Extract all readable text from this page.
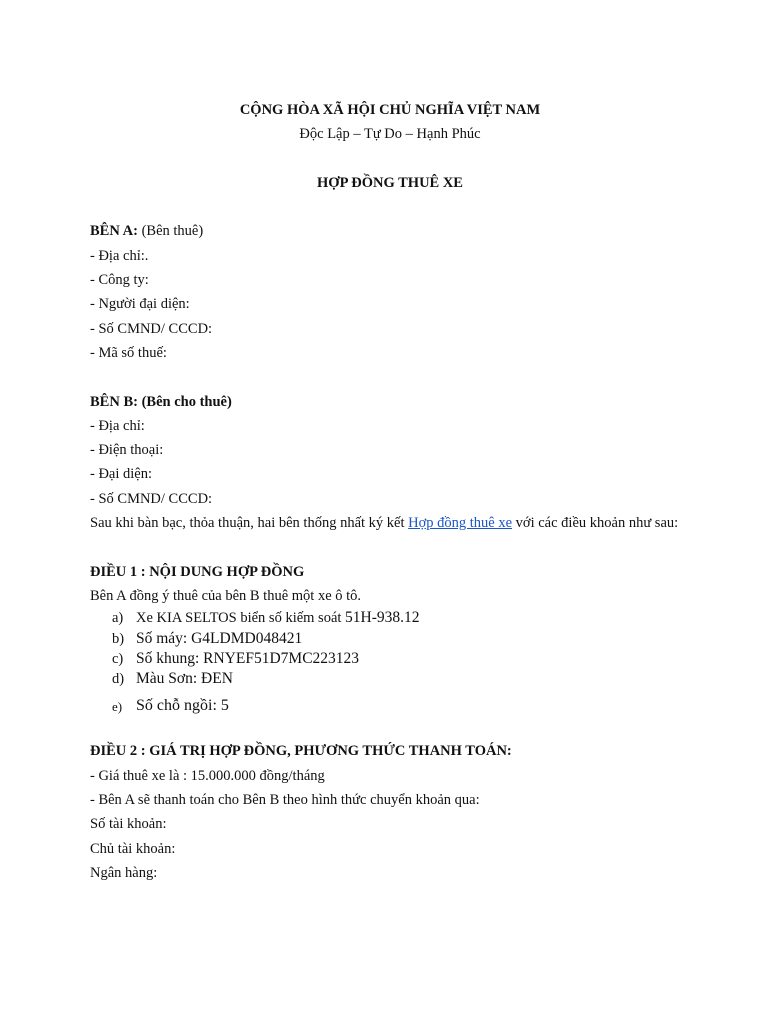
CỘNG HÒA XÃ HỘI CHỦ NGHĨA VIỆT NAM
Độc Lập – Tự Do – Hạnh Phúc
HỢP ĐỒNG THUÊ XE
BÊN A: (Bên thuê)
- Địa chỉ:.
- Công ty:
- Người đại diện:
- Số CMND/ CCCD:
- Mã số thuế:
BÊN B: (Bên cho thuê)
- Địa chỉ:
- Điện thoại:
- Đại diện:
- Số CMND/ CCCD:
Sau khi bàn bạc, thỏa thuận, hai bên thống nhất ký kết Hợp đồng thuê xe với các điều khoản như sau:
ĐIỀU 1 : NỘI DUNG HỢP ĐỒNG
Bên A đồng ý thuê của bên B thuê một xe ô tô.
a) Xe KIA SELTOS biển số kiếm soát 51H-938.12
b) Số máy: G4LDMD048421
c) Số khung: RNYEF51D7MC223123
d) Màu Sơn: ĐEN
e) Số chỗ ngồi: 5
ĐIỀU 2 : GIÁ TRỊ HỢP ĐỒNG, PHƯƠNG THỨC THANH TOÁN:
- Giá thuê xe là : 15.000.000 đồng/tháng
- Bên A sẽ thanh toán cho Bên B theo hình thức chuyển khoản qua:
Số tài khoản:
Chủ tài khoản:
Ngân hàng:
